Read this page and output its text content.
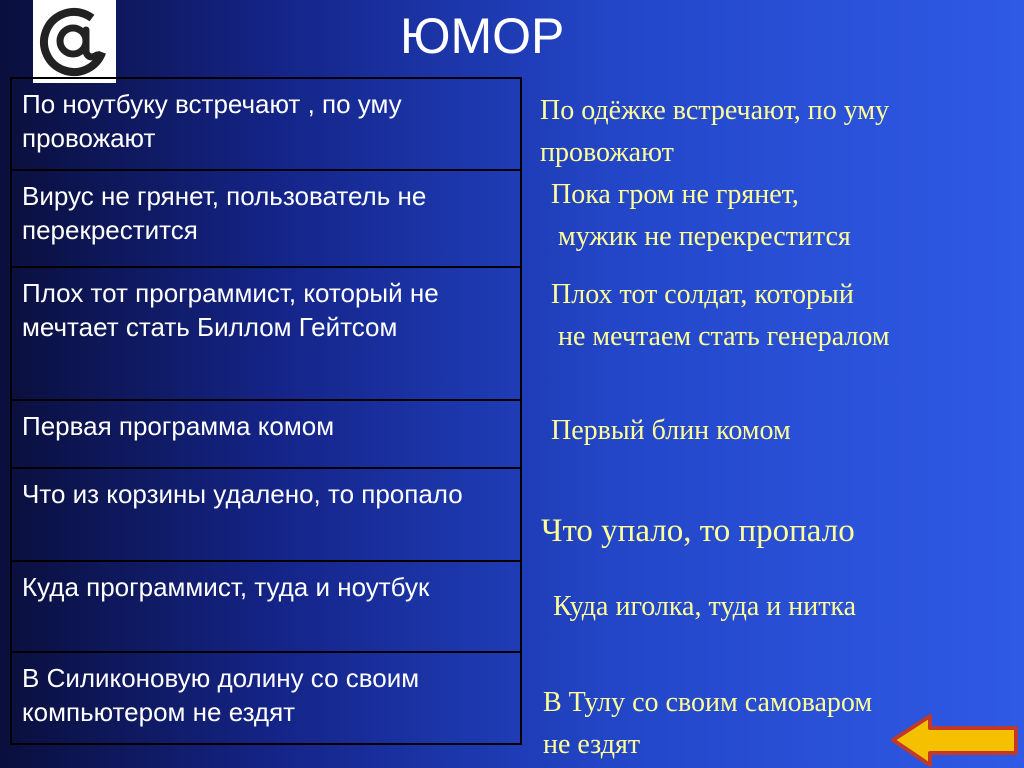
ЮМОР
По ноутбуку встречают , по уму провожают
Вирус не грянет, пользователь не перекрестится
Плох тот программист, который не мечтает стать Биллом Гейтсом
Первая программа комом
Что из корзины удалено, то пропало
Куда программист, туда и ноутбук
В Силиконовую долину со своим компьютером не ездят
По одёжке встречают, по уму
провожают
Пока гром не грянет,
мужик не перекрестится
Плох тот солдат, который
не мечтаем стать генералом
Первый блин комом
Что упало, то пропало
Куда иголка, туда и нитка
В Тулу со своим самоваром
не ездят
